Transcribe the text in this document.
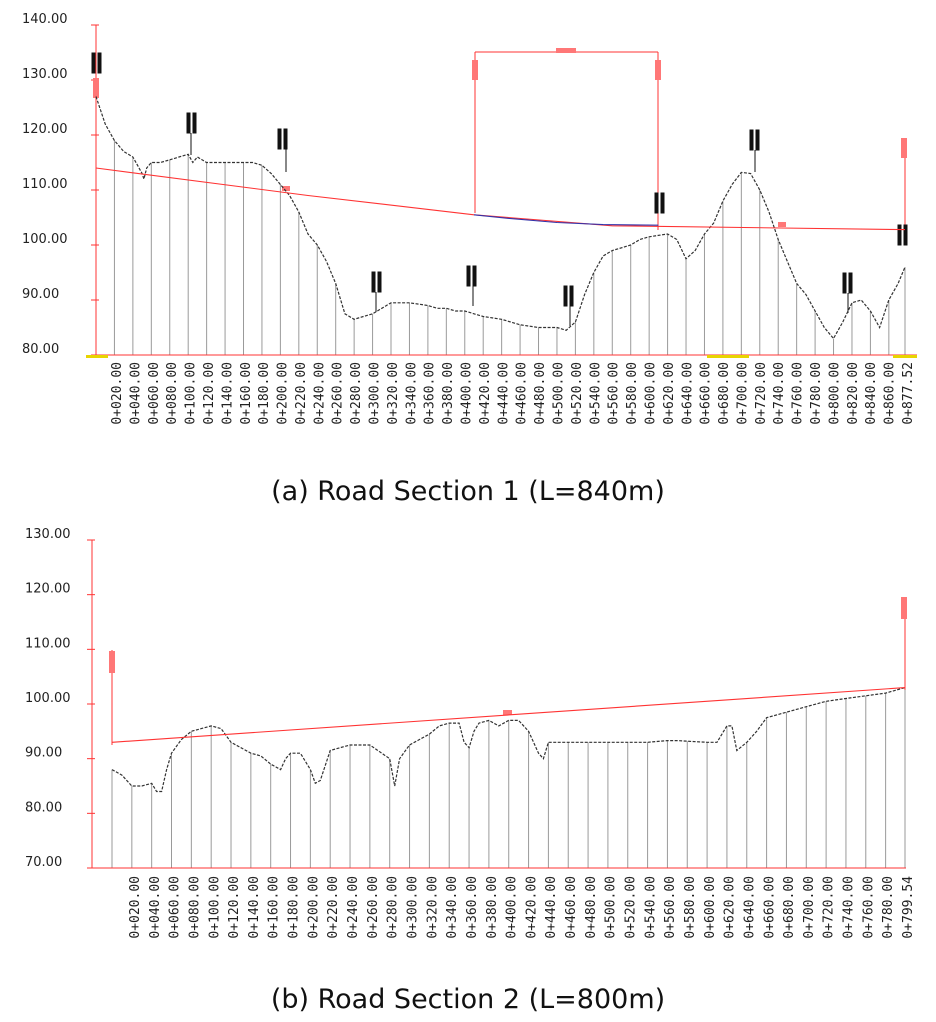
80.00
90.00
100.00
110.00
120.00
130.00
140.00
0+020.00 0+040.00 0+060.00 0+080.00 0+100.00 0+120.00 0+140.00 0+160.00 0+180.00 0+200.00 0+220.00 0+240.00 0+260.00 0+280.00 0+300.00 0+320.00 0+340.00 0+360.00 0+380.00 0+400.00 0+420.00 0+440.00 0+460.00 0+480.00 0+500.00 0+520.00 0+540.00 0+560.00 0+580.00 0+600.00 0+620.00 0+640.00 0+660.00 0+680.00 0+700.00 0+720.00 0+740.00 0+760.00 0+780.00 0+800.00 0+820.00 0+840.00 0+860.00 0+877.52
(a) Road Section 1 (L=840m)
70.00
80.00
90.00
100.00
110.00
120.00
130.00
0+020.00 0+040.00 0+060.00 0+080.00 0+100.00 0+120.00 0+140.00 0+160.00 0+180.00 0+200.00 0+220.00 0+240.00 0+260.00 0+280.00 0+300.00 0+320.00 0+340.00 0+360.00 0+380.00 0+400.00 0+420.00 0+440.00 0+460.00 0+480.00 0+500.00 0+520.00 0+540.00 0+560.00 0+580.00 0+600.00 0+620.00 0+640.00 0+660.00 0+680.00 0+700.00 0+720.00 0+740.00 0+760.00 0+780.00 0+799.54
(b) Road Section 2 (L=800m)
